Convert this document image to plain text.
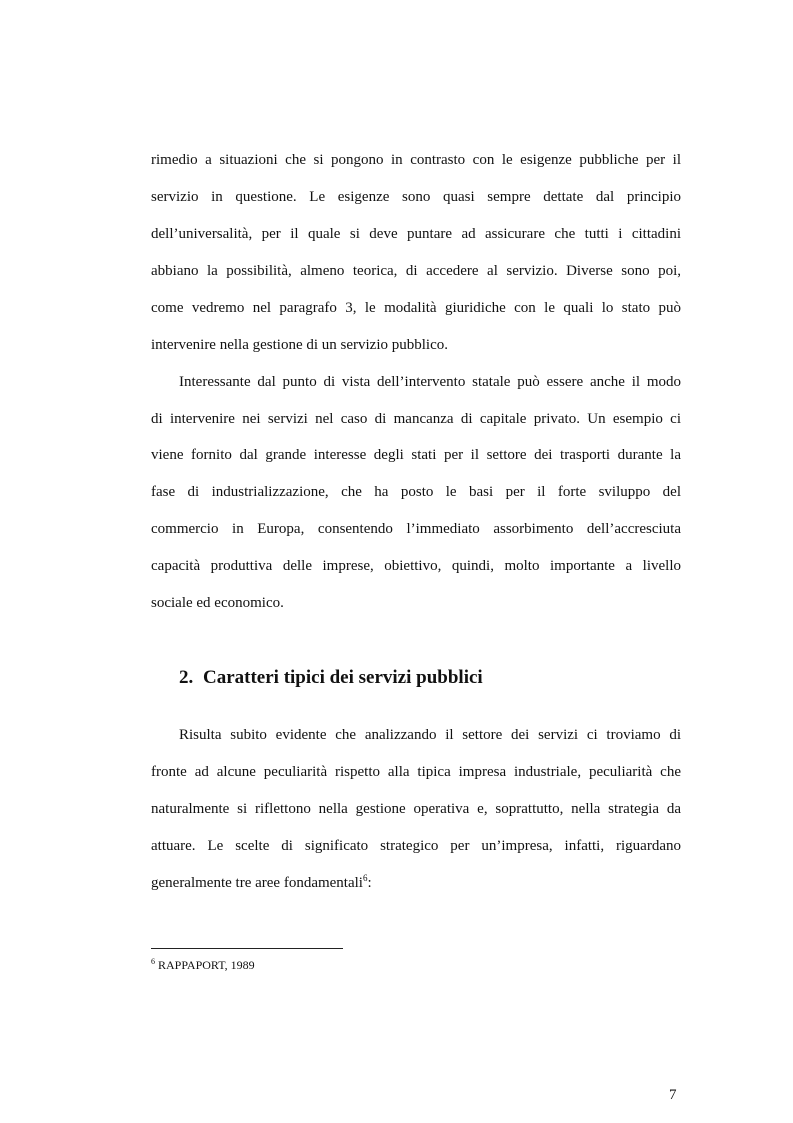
rimedio a situazioni che si pongono in contrasto con le esigenze pubbliche per il
servizio in questione. Le esigenze sono quasi sempre dettate dal principio
dell’universalità, per il quale si deve puntare ad assicurare che tutti i cittadini
abbiano la possibilità, almeno teorica, di accedere al servizio. Diverse sono poi,
come vedremo nel paragrafo 3, le modalità giuridiche con le quali lo stato può
intervenire nella gestione di un servizio pubblico.
Interessante dal punto di vista dell’intervento statale può essere anche il modo
di intervenire nei servizi nel caso di mancanza di capitale privato. Un esempio ci
viene fornito dal grande interesse degli stati per il settore dei trasporti durante la
fase di industrializzazione, che ha posto le basi per il forte sviluppo del
commercio in Europa, consentendo l’immediato assorbimento dell’accresciuta
capacità produttiva delle imprese, obiettivo, quindi, molto importante a livello
sociale ed economico.
2. Caratteri tipici dei servizi pubblici
Risulta subito evidente che analizzando il settore dei servizi ci troviamo di
fronte ad alcune peculiarità rispetto alla tipica impresa industriale, peculiarità che
naturalmente si riflettono nella gestione operativa e, soprattutto, nella strategia da
attuare. Le scelte di significato strategico per un’impresa, infatti, riguardano
generalmente tre aree fondamentali$^6$:
$^6$ RAPPAPORT, 1989
7
